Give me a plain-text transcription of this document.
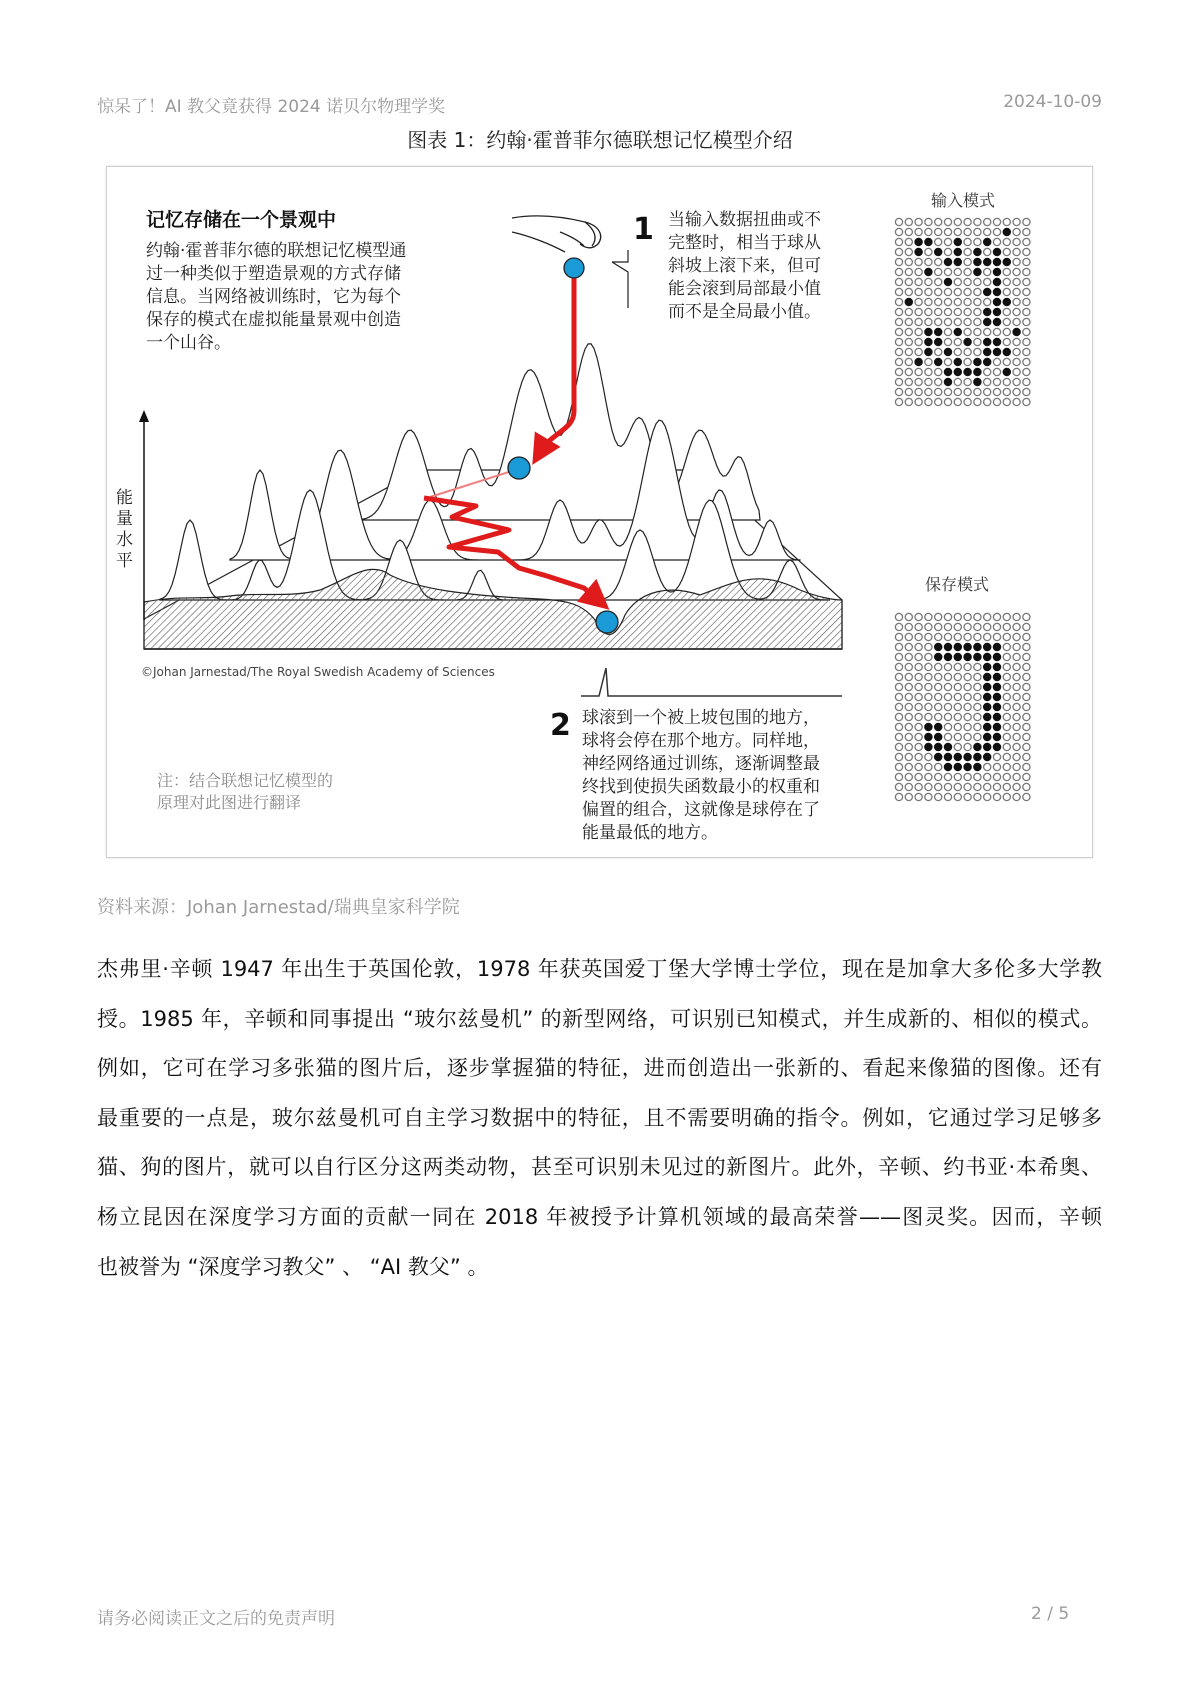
惊呆了！AI 教父竟获得 2024 诺贝尔物理学奖	2024-10-09
图表 1：约翰·霍普菲尔德联想记忆模型介绍
记忆存储在一个景观中
约翰·霍普菲尔德的联想记忆模型通
过一种类似于塑造景观的方式存储
信息。当网络被训练时，它为每个
保存的模式在虚拟能量景观中创造
一个山谷。
1 当输入数据扭曲或不
完整时，相当于球从
斜坡上滚下来，但可
能会滚到局部最小值
而不是全局最小值。
输入模式
保存模式
能
量
水
平
©Johan Jarnestad/The Royal Swedish Academy of Sciences
2 球滚到一个被上坡包围的地方，
球将会停在那个地方。同样地，
神经网络通过训练，逐渐调整最
终找到使损失函数最小的权重和
偏置的组合，这就像是球停在了
能量最低的地方。
注：结合联想记忆模型的
原理对此图进行翻译
资料来源：Johan Jarnestad/瑞典皇家科学院
杰弗里·辛顿 1947 年出生于英国伦敦，1978 年获英国爱丁堡大学博士学位，现在是加拿大多伦多大学教
授。1985 年，辛顿和同事提出 “玻尔兹曼机” 的新型网络，可识别已知模式，并生成新的、相似的模式。
例如，它可在学习多张猫的图片后，逐步掌握猫的特征，进而创造出一张新的、看起来像猫的图像。还有
最重要的一点是，玻尔兹曼机可自主学习数据中的特征，且不需要明确的指令。例如，它通过学习足够多
猫、狗的图片，就可以自行区分这两类动物，甚至可识别未见过的新图片。此外，辛顿、约书亚·本希奥、
杨立昆因在深度学习方面的贡献一同在 2018 年被授予计算机领域的最高荣誉——图灵奖。因而，辛顿
也被誉为 “深度学习教父” 、 “AI 教父” 。
请务必阅读正文之后的免责声明	2 / 5
